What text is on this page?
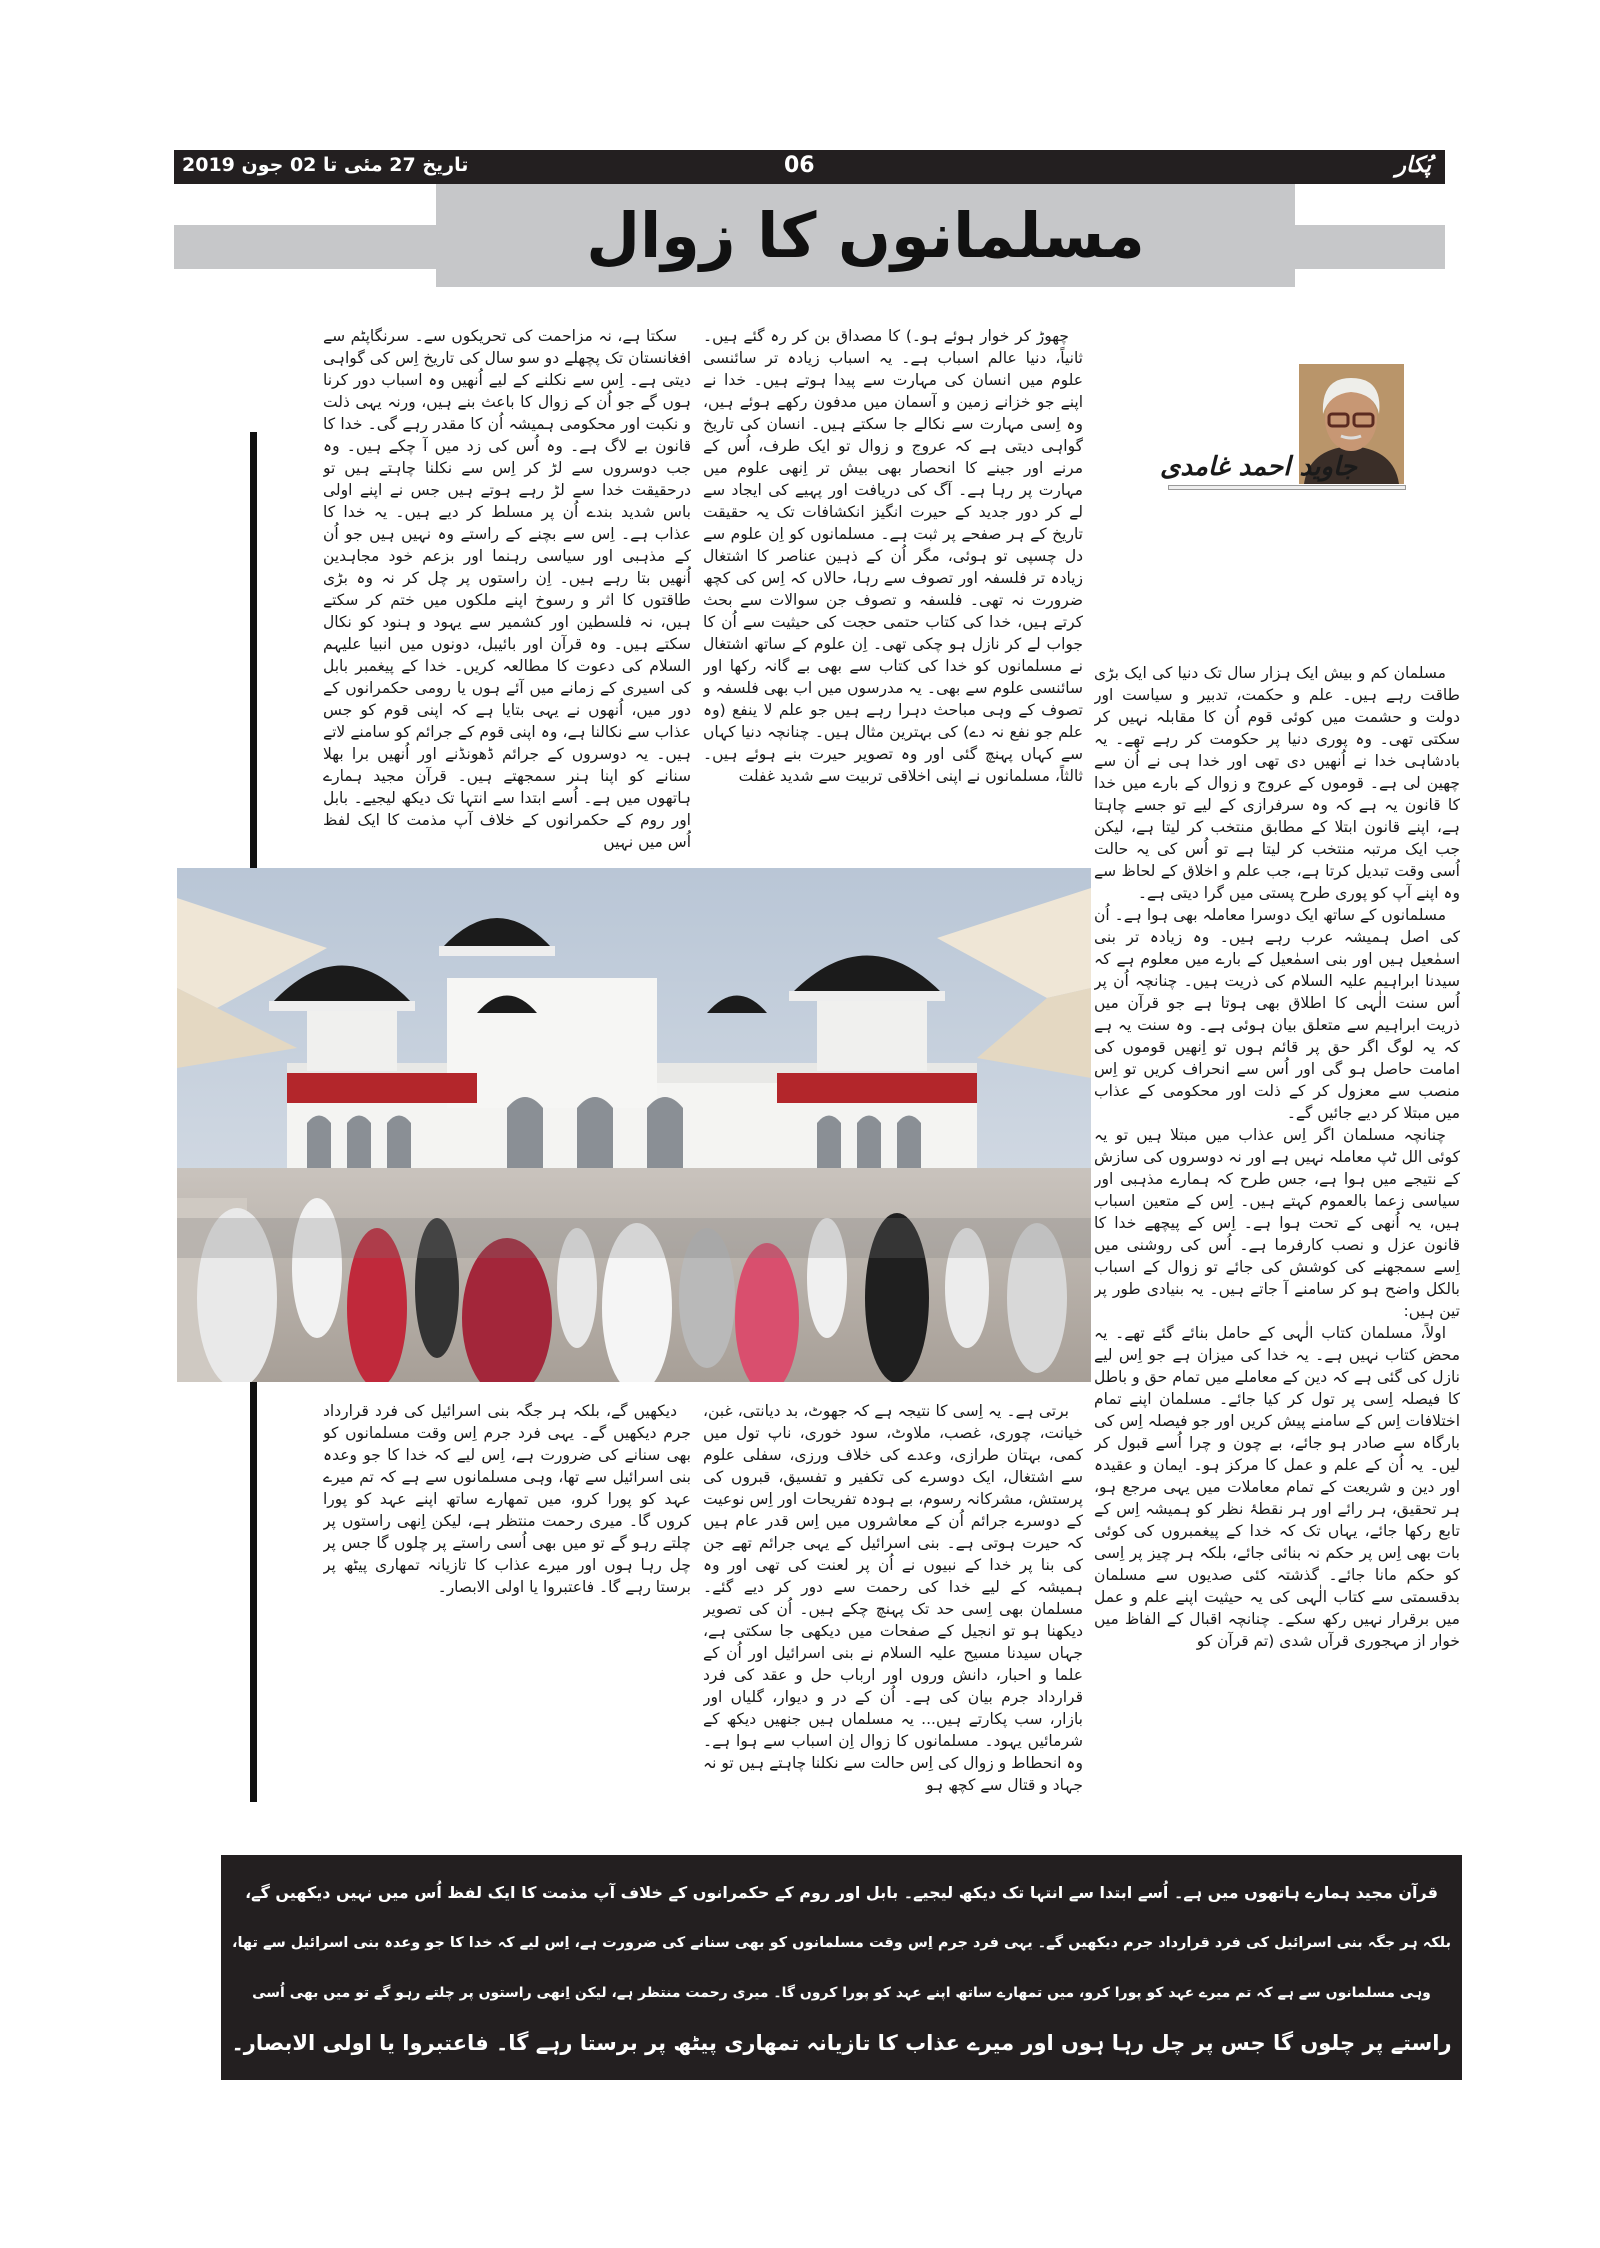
تاریخ 27 مئی تا 02 جون 2019	06	پُکار
مسلمانوں کا زوال
جاوید احمد غامدی

مسلمان کم و بیش ایک ہزار سال تک دنیا کی ایک بڑی طاقت رہے ہیں۔ علم و حکمت، تدبیر و سیاست اور دولت و حشمت میں کوئی قوم اُن کا مقابلہ نہیں کر سکتی تھی۔ وہ پوری دنیا پر حکومت کر رہے تھے۔ یہ بادشاہی خدا نے اُنھیں دی تھی اور خدا ہی نے اُن سے چھین لی ہے۔ قوموں کے عروج و زوال کے بارے میں خدا کا قانون یہ ہے کہ وہ سرفرازی کے لیے تو جسے چاہتا ہے، اپنے قانون ابتلا کے مطابق منتخب کر لیتا ہے، لیکن جب ایک مرتبہ منتخب کر لیتا ہے تو اُس کی یہ حالت اُسی وقت تبدیل کرتا ہے، جب علم و اخلاق کے لحاظ سے وہ اپنے آپ کو پوری طرح پستی میں گرا دیتی ہے۔

مسلمانوں کے ساتھ ایک دوسرا معاملہ بھی ہوا ہے۔ اُن کی اصل ہمیشہ عرب رہے ہیں۔ وہ زیادہ تر بنی اسمٰعیل ہیں اور بنی اسمٰعیل کے بارے میں معلوم ہے کہ سیدنا ابراہیم علیہ السلام کی ذریت ہیں۔ چنانچہ اُن پر اُس سنت الٰہی کا اطلاق بھی ہوتا ہے جو قرآن میں ذریت ابراہیم سے متعلق بیان ہوئی ہے۔ وہ سنت یہ ہے کہ یہ لوگ اگر حق پر قائم ہوں تو اِنھیں قوموں کی امامت حاصل ہو گی اور اُس سے انحراف کریں تو اِس منصب سے معزول کر کے ذلت اور محکومی کے عذاب میں مبتلا کر دیے جائیں گے۔

چنانچہ مسلمان اگر اِس عذاب میں مبتلا ہیں تو یہ کوئی الل ٹپ معاملہ نہیں ہے اور نہ دوسروں کی سازش کے نتیجے میں ہوا ہے، جس طرح کہ ہمارے مذہبی اور سیاسی زعما بالعموم کہتے ہیں۔ اِس کے متعین اسباب ہیں، یہ اُنھی کے تحت ہوا ہے۔ اِس کے پیچھے خدا کا قانون عزل و نصب کارفرما ہے۔ اُس کی روشنی میں اِسے سمجھنے کی کوشش کی جائے تو زوال کے اسباب بالکل واضح ہو کر سامنے آ جاتے ہیں۔ یہ بنیادی طور پر تین ہیں:

اولاً، مسلمان کتاب الٰہی کے حامل بنائے گئے تھے۔ یہ محض کتاب نہیں ہے۔ یہ خدا کی میزان ہے جو اِس لیے نازل کی گئی ہے کہ دین کے معاملے میں تمام حق و باطل کا فیصلہ اِسی پر تول کر کیا جائے۔ مسلمان اپنے تمام اختلافات اِس کے سامنے پیش کریں اور جو فیصلہ اِس کی بارگاہ سے صادر ہو جائے، بے چون و چرا اُسے قبول کر لیں۔ یہ اُن کے علم و عمل کا مرکز ہو۔ ایمان و عقیدہ اور دین و شریعت کے تمام معاملات میں یہی مرجع ہو، ہر تحقیق، ہر رائے اور ہر نقطۂ نظر کو ہمیشہ اِس کے تابع رکھا جائے، یہاں تک کہ خدا کے پیغمبروں کی کوئی بات بھی اِس پر حکم نہ بنائی جائے، بلکہ ہر چیز پر اِسی کو حکم مانا جائے۔ گذشتہ کئی صدیوں سے مسلمان بدقسمتی سے کتاب الٰہی کی یہ حیثیت اپنے علم و عمل میں برقرار نہیں رکھ سکے۔ چنانچہ اقبال کے الفاظ میں خوار از مہجوری قرآں شدی (تم قرآن کو

چھوڑ کر خوار ہوئے ہو۔) کا مصداق بن کر رہ گئے ہیں۔ ثانیاً، دنیا عالم اسباب ہے۔ یہ اسباب زیادہ تر سائنسی علوم میں انسان کی مہارت سے پیدا ہوتے ہیں۔ خدا نے اپنے جو خزانے زمین و آسمان میں مدفون رکھے ہوئے ہیں، وہ اِسی مہارت سے نکالے جا سکتے ہیں۔ انسان کی تاریخ گواہی دیتی ہے کہ عروج و زوال تو ایک طرف، اُس کے مرنے اور جینے کا انحصار بھی بیش تر اِنھی علوم میں مہارت پر رہا ہے۔ آگ کی دریافت اور پہیے کی ایجاد سے لے کر دور جدید کے حیرت انگیز انکشافات تک یہ حقیقت تاریخ کے ہر صفحے پر ثبت ہے۔ مسلمانوں کو اِن علوم سے دل چسپی تو ہوئی، مگر اُن کے ذہین عناصر کا اشتغال زیادہ تر فلسفہ اور تصوف سے رہا، حالاں کہ اِس کی کچھ ضرورت نہ تھی۔ فلسفہ و تصوف جن سوالات سے بحث کرتے ہیں، خدا کی کتاب حتمی حجت کی حیثیت سے اُن کا جواب لے کر نازل ہو چکی تھی۔ اِن علوم کے ساتھ اشتغال نے مسلمانوں کو خدا کی کتاب سے بھی بے گانہ رکھا اور سائنسی علوم سے بھی۔ یہ مدرسوں میں اب بھی فلسفہ و تصوف کے وہی مباحث دہرا رہے ہیں جو علم لا ینفع (وہ علم جو نفع نہ دے) کی بہترین مثال ہیں۔ چنانچہ دنیا کہاں سے کہاں پہنچ گئی اور وہ تصویر حیرت بنے ہوئے ہیں۔ ثالثاً، مسلمانوں نے اپنی اخلاقی تربیت سے شدید غفلت

سکتا ہے، نہ مزاحمت کی تحریکوں سے۔ سرنگاپٹم سے افغانستان تک پچھلے دو سو سال کی تاریخ اِس کی گواہی دیتی ہے۔ اِس سے نکلنے کے لیے اُنھیں وہ اسباب دور کرنا ہوں گے جو اُن کے زوال کا باعث بنے ہیں، ورنہ یہی ذلت و نکبت اور محکومی ہمیشہ اُن کا مقدر رہے گی۔ خدا کا قانون بے لاگ ہے۔ وہ اُس کی زد میں آ چکے ہیں۔ وہ جب دوسروں سے لڑ کر اِس سے نکلنا چاہتے ہیں تو درحقیقت خدا سے لڑ رہے ہوتے ہیں جس نے اپنے اولی باس شدید بندے اُن پر مسلط کر دیے ہیں۔ یہ خدا کا عذاب ہے۔ اِس سے بچنے کے راستے وہ نہیں ہیں جو اُن کے مذہبی اور سیاسی رہنما اور بزعم خود مجاہدین اُنھیں بتا رہے ہیں۔ اِن راستوں پر چل کر نہ وہ بڑی طاقتوں کا اثر و رسوخ اپنے ملکوں میں ختم کر سکتے ہیں، نہ فلسطین اور کشمیر سے یہود و ہنود کو نکال سکتے ہیں۔ وہ قرآن اور بائیبل، دونوں میں انبیا علیہم السلام کی دعوت کا مطالعہ کریں۔ خدا کے پیغمبر بابل کی اسیری کے زمانے میں آئے ہوں یا رومی حکمرانوں کے دور میں، اُنھوں نے یہی بتایا ہے کہ اپنی قوم کو جس عذاب سے نکالنا ہے، وہ اپنی قوم کے جرائم کو سامنے لاتے ہیں۔ یہ دوسروں کے جرائم ڈھونڈنے اور اُنھیں برا بھلا سنانے کو اپنا ہنر سمجھتے ہیں۔ قرآن مجید ہمارے ہاتھوں میں ہے۔ اُسے ابتدا سے انتہا تک دیکھ لیجیے۔ بابل اور روم کے حکمرانوں کے خلاف آپ مذمت کا ایک لفظ اُس میں نہیں

برتی ہے۔ یہ اِسی کا نتیجہ ہے کہ جھوٹ، بد دیانتی، غبن، خیانت، چوری، غصب، ملاوٹ، سود خوری، ناپ تول میں کمی، بہتان طرازی، وعدے کی خلاف ورزی، سفلی علوم سے اشتغال، ایک دوسرے کی تکفیر و تفسیق، قبروں کی پرستش، مشرکانہ رسوم، بے ہودہ تفریحات اور اِس نوعیت کے دوسرے جرائم اُن کے معاشروں میں اِس قدر عام ہیں کہ حیرت ہوتی ہے۔ بنی اسرائیل کے یہی جرائم تھے جن کی بنا پر خدا کے نبیوں نے اُن پر لعنت کی تھی اور وہ ہمیشہ کے لیے خدا کی رحمت سے دور کر دیے گئے۔ مسلمان بھی اِسی حد تک پہنچ چکے ہیں۔ اُن کی تصویر دیکھنا ہو تو انجیل کے صفحات میں دیکھی جا سکتی ہے، جہاں سیدنا مسیح علیہ السلام نے بنی اسرائیل اور اُن کے علما و احبار، دانش وروں اور ارباب حل و عقد کی فرد قرارداد جرم بیان کی ہے۔ اُن کے در و دیوار، گلیاں اور بازار، سب پکارتے ہیں... یہ مسلماں ہیں جنھیں دیکھ کے شرمائیں یہود۔ مسلمانوں کا زوال اِن اسباب سے ہوا ہے۔ وہ انحطاط و زوال کی اِس حالت سے نکلنا چاہتے ہیں تو نہ جہاد و قتال سے کچھ ہو

دیکھیں گے، بلکہ ہر جگہ بنی اسرائیل کی فرد قرارداد جرم دیکھیں گے۔ یہی فرد جرم اِس وقت مسلمانوں کو بھی سنانے کی ضرورت ہے، اِس لیے کہ خدا کا جو وعدہ بنی اسرائیل سے تھا، وہی مسلمانوں سے ہے کہ تم میرے عہد کو پورا کرو، میں تمھارے ساتھ اپنے عہد کو پورا کروں گا۔ میری رحمت منتظر ہے، لیکن اِنھی راستوں پر چلتے رہو گے تو میں بھی اُسی راستے پر چلوں گا جس پر چل رہا ہوں اور میرے عذاب کا تازیانہ تمھاری پیٹھ پر برستا رہے گا۔ فاعتبروا یا اولی الابصار۔

قرآن مجید ہمارے ہاتھوں میں ہے۔ اُسے ابتدا سے انتہا تک دیکھ لیجیے۔ بابل اور روم کے حکمرانوں کے خلاف آپ مذمت کا ایک لفظ اُس میں نہیں دیکھیں گے،
بلکہ ہر جگہ بنی اسرائیل کی فرد قرارداد جرم دیکھیں گے۔ یہی فرد جرم اِس وقت مسلمانوں کو بھی سنانے کی ضرورت ہے، اِس لیے کہ خدا کا جو وعدہ بنی اسرائیل سے تھا،
وہی مسلمانوں سے ہے کہ تم میرے عہد کو پورا کرو، میں تمھارے ساتھ اپنے عہد کو پورا کروں گا۔ میری رحمت منتظر ہے، لیکن اِنھی راستوں پر چلتے رہو گے تو میں بھی اُسی
راستے پر چلوں گا جس پر چل رہا ہوں اور میرے عذاب کا تازیانہ تمھاری پیٹھ پر برستا رہے گا۔ فاعتبروا یا اولی الابصار۔
